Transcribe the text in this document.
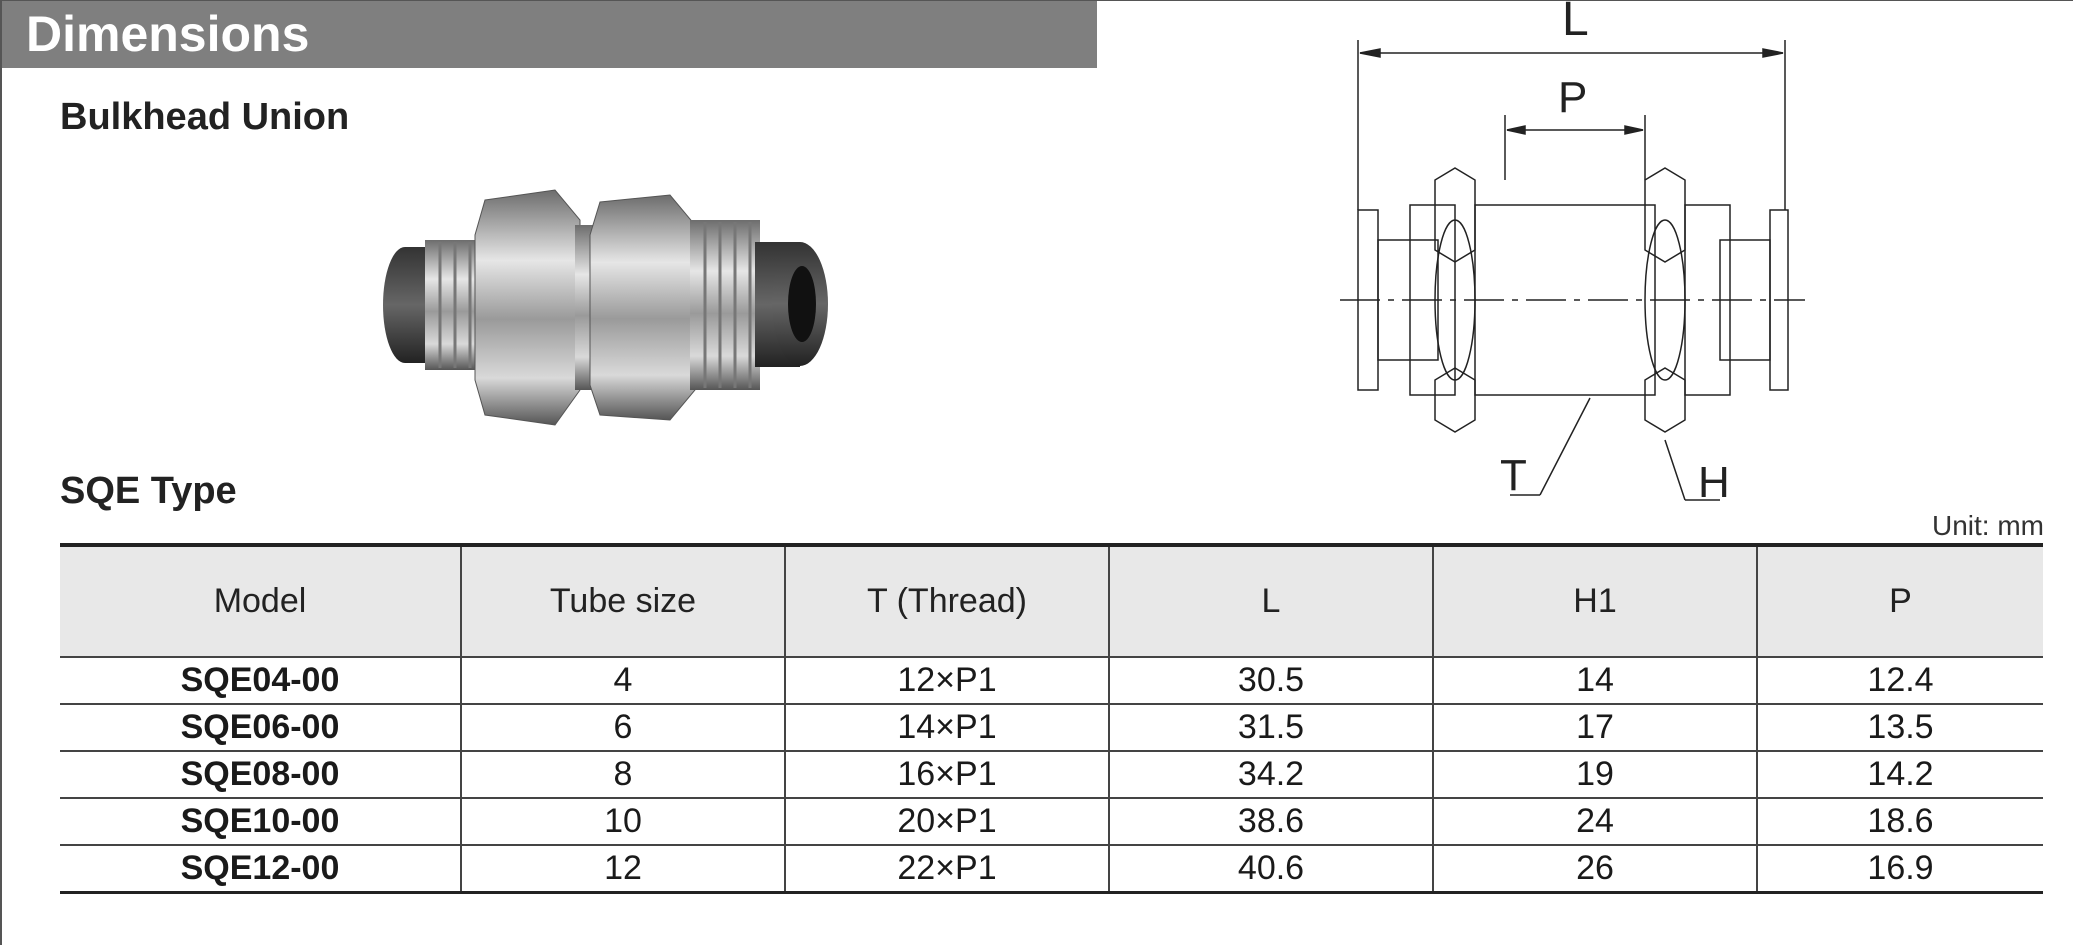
Dimensions
Bulkhead Union
L
P
T	H
SQE Type
Unit: mm
Model	Tube size	T (Thread)	L	H1	P
SQE04-00	4	12×P1	30.5	14	12.4
SQE06-00	6	14×P1	31.5	17	13.5
SQE08-00	8	16×P1	34.2	19	14.2
SQE10-00	10	20×P1	38.6	24	18.6
SQE12-00	12	22×P1	40.6	26	16.9
